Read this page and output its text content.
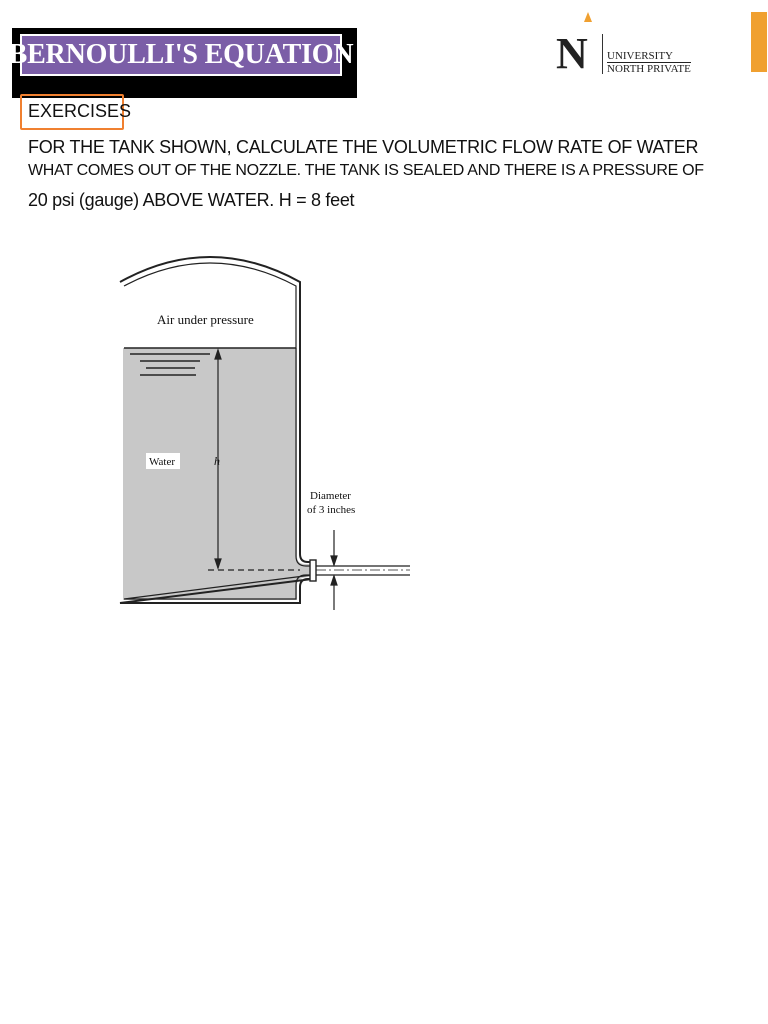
BERNOULLI'S EQUATION	N UNIVERSITY
NORTH PRIVATE
EXERCISES
FOR THE TANK SHOWN, CALCULATE THE VOLUMETRIC FLOW RATE OF WATER
WHAT COMES OUT OF THE NOZZLE. THE TANK IS SEALED AND THERE IS A PRESSURE OF
20 psi (gauge) ABOVE WATER. H = 8 feet
Air under pressure
Water	h
Diameter
of 3 inches
